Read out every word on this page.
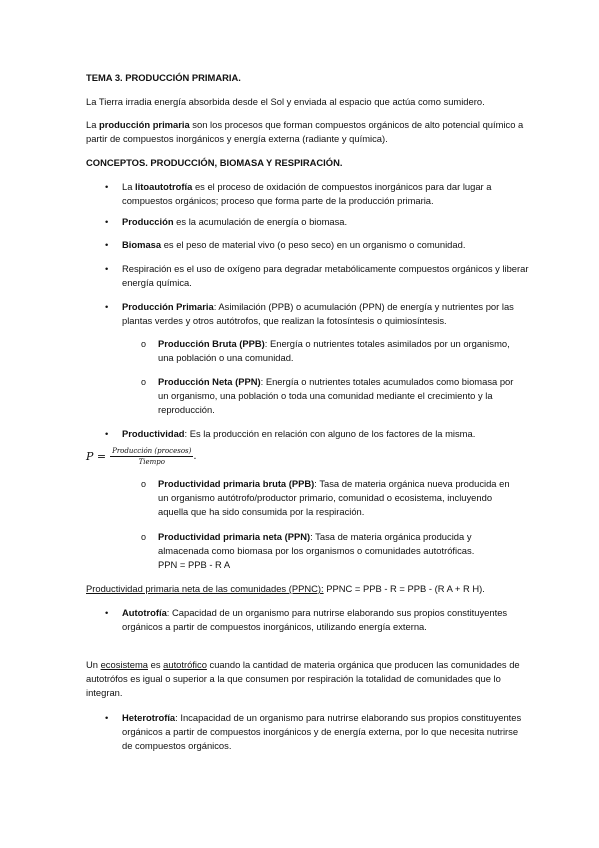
TEMA 3. PRODUCCIÓN PRIMARIA.

La Tierra irradia energía absorbida desde el Sol y enviada al espacio que actúa como sumidero.

La producción primaria son los procesos que forman compuestos orgánicos de alto potencial químico a partir de compuestos inorgánicos y energía externa (radiante y química).

CONCEPTOS. PRODUCCIÓN, BIOMASA Y RESPIRACIÓN.

• La litoautotrofía es el proceso de oxidación de compuestos inorgánicos para dar lugar a compuestos orgánicos; proceso que forma parte de la producción primaria.

• Producción es la acumulación de energía o biomasa.

• Biomasa es el peso de material vivo (o peso seco) en un organismo o comunidad.

• Respiración es el uso de oxígeno para degradar metabólicamente compuestos orgánicos y liberar energía química.

• Producción Primaria: Asimilación (PPB) o acumulación (PPN) de energía y nutrientes por las plantas verdes y otros autótrofos, que realizan la fotosíntesis o quimiosíntesis.

o Producción Bruta (PPB): Energía o nutrientes totales asimilados por un organismo, una población o una comunidad.

o Producción Neta (PPN): Energía o nutrientes totales acumulados como biomasa por un organismo, una población o toda una comunidad mediante el crecimiento y la reproducción.

• Productividad: Es la producción en relación con alguno de los factores de la misma.

$P = \frac{\text{Producción (procesos)}}{\text{Tiempo}}$ .
o Productividad primaria bruta (PPB): Tasa de materia orgánica nueva producida en un organismo autótrofo/productor primario, comunidad o ecosistema, incluyendo aquella que ha sido consumida por la respiración.

o Productividad primaria neta (PPN): Tasa de materia orgánica producida y almacenada como biomasa por los organismos o comunidades autotróficas.
PPN = PPB - R A

Productividad primaria neta de las comunidades (PPNC): PPNC = PPB - R = PPB - (R A + R H).

• Autotrofía: Capacidad de un organismo para nutrirse elaborando sus propios constituyentes orgánicos a partir de compuestos inorgánicos, utilizando energía externa.

Un ecosistema es autotrófico cuando la cantidad de materia orgánica que producen las comunidades de autotrófos es igual o superior a la que consumen por respiración la totalidad de comunidades que lo integran.

• Heterotrofía: Incapacidad de un organismo para nutrirse elaborando sus propios constituyentes orgánicos a partir de compuestos inorgánicos y de energía externa, por lo que necesita nutrirse de compuestos orgánicos.
